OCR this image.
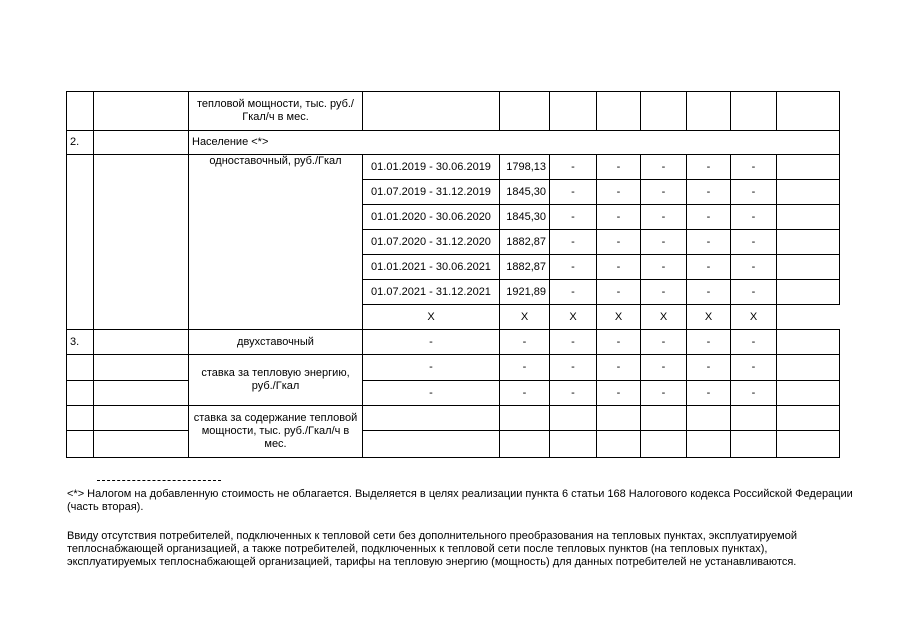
		тепловой мощности, тыс. руб./Гкал/ч в мес.								
2.		Население <*>								
		одноставочный, руб./Гкал	01.01.2019 - 30.06.2019	1798,13	-	-	-	-	-	
			01.07.2019 - 31.12.2019	1845,30	-	-	-	-	-	
			01.01.2020 - 30.06.2020	1845,30	-	-	-	-	-	
			01.07.2020 - 31.12.2020	1882,87	-	-	-	-	-	
			01.01.2021 - 30.06.2021	1882,87	-	-	-	-	-	
			01.07.2021 - 31.12.2021	1921,89	-	-	-	-	-	
			X	X	X	X	X	X	X	
3.		двухставочный	-	-	-	-	-	-	-	
		ставка за тепловую энергию, руб./Гкал	-	-	-	-	-	-	-	
			-	-	-	-	-	-	-	
		ставка за содержание тепловой мощности, тыс. руб./Гкал/ч в мес.								

<*> Налогом на добавленную стоимость не облагается. Выделяется в целях реализации пункта 6 статьи 168 Налогового кодекса Российской Федерации (часть вторая).
Ввиду отсутствия потребителей, подключенных к тепловой сети без дополнительного преобразования на тепловых пунктах, эксплуатируемой теплоснабжающей организацией, а также потребителей, подключенных к тепловой сети после тепловых пунктов (на тепловых пунктах), эксплуатируемых теплоснабжающей организацией, тарифы на тепловую энергию (мощность) для данных потребителей не устанавливаются.
